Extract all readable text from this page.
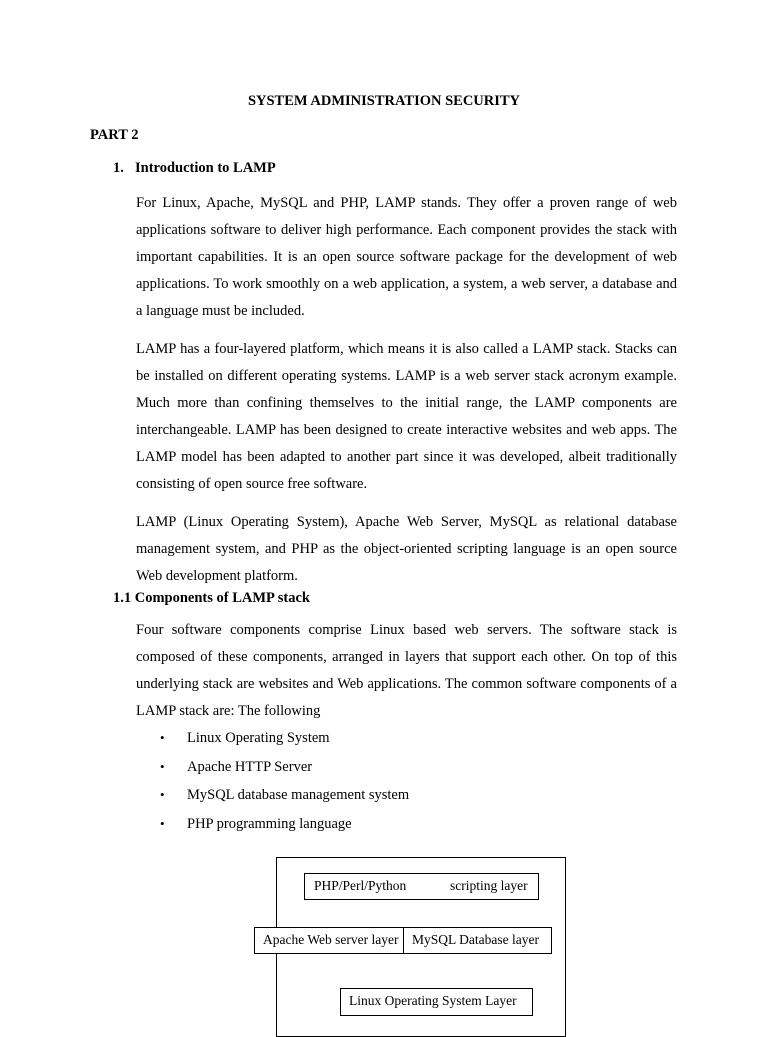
SYSTEM ADMINISTRATION SECURITY
PART 2
1. Introduction to LAMP

For Linux, Apache, MySQL and PHP, LAMP stands. They offer a proven range of web applications software to deliver high performance. Each component provides the stack with important capabilities. It is an open source software package for the development of web applications. To work smoothly on a web application, a system, a web server, a database and a language must be included.

LAMP has a four-layered platform, which means it is also called a LAMP stack. Stacks can be installed on different operating systems. LAMP is a web server stack acronym example. Much more than confining themselves to the initial range, the LAMP components are interchangeable. LAMP has been designed to create interactive websites and web apps. The LAMP model has been adapted to another part since it was developed, albeit traditionally consisting of open source free software.

LAMP (Linux Operating System), Apache Web Server, MySQL as relational database management system, and PHP as the object-oriented scripting language is an open source Web development platform.

1.1 Components of LAMP stack

Four software components comprise Linux based web servers. The software stack is composed of these components, arranged in layers that support each other. On top of this underlying stack are websites and Web applications. The common software components of a LAMP stack are: The following

• Linux Operating System
• Apache HTTP Server
• MySQL database management system
• PHP programming language
PHP/Perl/Python	scripting layer
Apache Web server layer	MySQL Database layer
Linux Operating System Layer
